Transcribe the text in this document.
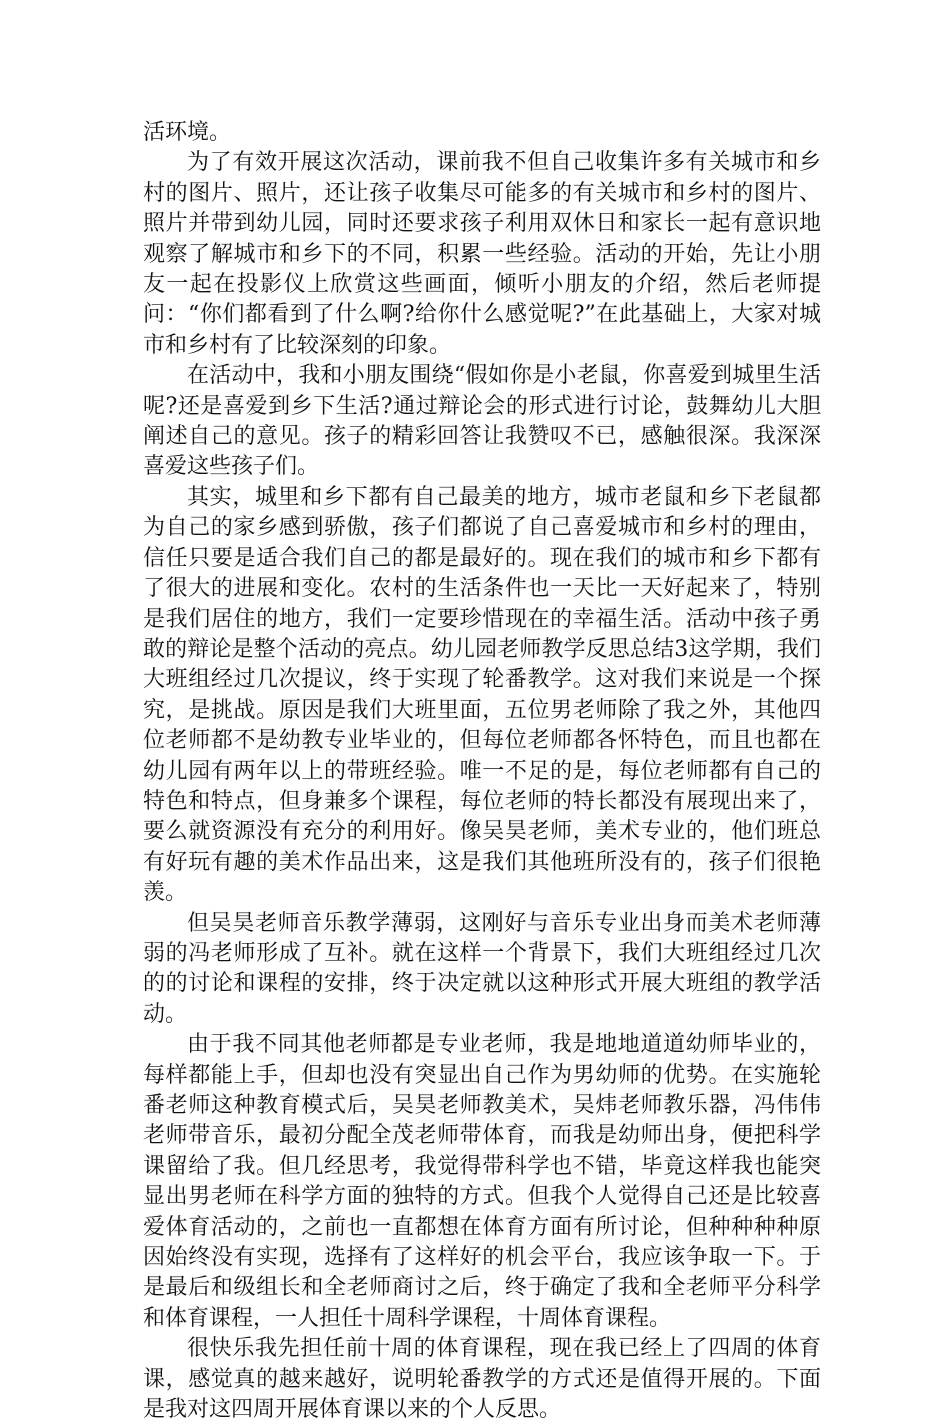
活环境。

为了有效开展这次活动，课前我不但自己收集许多有关城市和乡村的图片、照片，还让孩子收集尽可能多的有关城市和乡村的图片、照片并带到幼儿园，同时还要求孩子利用双休日和家长一起有意识地观察了解城市和乡下的不同，积累一些经验。活动的开始，先让小朋友一起在投影仪上欣赏这些画面，倾听小朋友的介绍，然后老师提问：“你们都看到了什么啊?给你什么感觉呢?”在此基础上，大家对城市和乡村有了比较深刻的印象。

在活动中，我和小朋友围绕“假如你是小老鼠，你喜爱到城里生活呢?还是喜爱到乡下生活?通过辩论会的形式进行讨论，鼓舞幼儿大胆阐述自己的意见。孩子的精彩回答让我赞叹不已，感触很深。我深深喜爱这些孩子们。

其实，城里和乡下都有自己最美的地方，城市老鼠和乡下老鼠都为自己的家乡感到骄傲，孩子们都说了自己喜爱城市和乡村的理由，信任只要是适合我们自己的都是最好的。现在我们的城市和乡下都有了很大的进展和变化。农村的生活条件也一天比一天好起来了，特别是我们居住的地方，我们一定要珍惜现在的幸福生活。活动中孩子勇敢的辩论是整个活动的亮点。幼儿园老师教学反思总结3这学期，我们大班组经过几次提议，终于实现了轮番教学。这对我们来说是一个探究，是挑战。原因是我们大班里面，五位男老师除了我之外，其他四位老师都不是幼教专业毕业的，但每位老师都各怀特色，而且也都在幼儿园有两年以上的带班经验。唯一不足的是，每位老师都有自己的特色和特点，但身兼多个课程，每位老师的特长都没有展现出来了，要么就资源没有充分的利用好。像吴昊老师，美术专业的，他们班总有好玩有趣的美术作品出来，这是我们其他班所没有的，孩子们很艳羡。

但吴昊老师音乐教学薄弱，这刚好与音乐专业出身而美术老师薄弱的冯老师形成了互补。就在这样一个背景下，我们大班组经过几次的的讨论和课程的安排，终于决定就以这种形式开展大班组的教学活动。

由于我不同其他老师都是专业老师，我是地地道道幼师毕业的，每样都能上手，但却也没有突显出自己作为男幼师的优势。在实施轮番老师这种教育模式后，吴昊老师教美术，吴炜老师教乐器，冯伟伟老师带音乐，最初分配全茂老师带体育，而我是幼师出身，便把科学课留给了我。但几经思考，我觉得带科学也不错，毕竟这样我也能突显出男老师在科学方面的独特的方式。但我个人觉得自己还是比较喜爱体育活动的，之前也一直都想在体育方面有所讨论，但种种种种原因始终没有实现，选择有了这样好的机会平台，我应该争取一下。于是最后和级组长和全老师商讨之后，终于确定了我和全老师平分科学和体育课程，一人担任十周科学课程，十周体育课程。

很快乐我先担任前十周的体育课程，现在我已经上了四周的体育课，感觉真的越来越好，说明轮番教学的方式还是值得开展的。下面是我对这四周开展体育课以来的个人反思。
